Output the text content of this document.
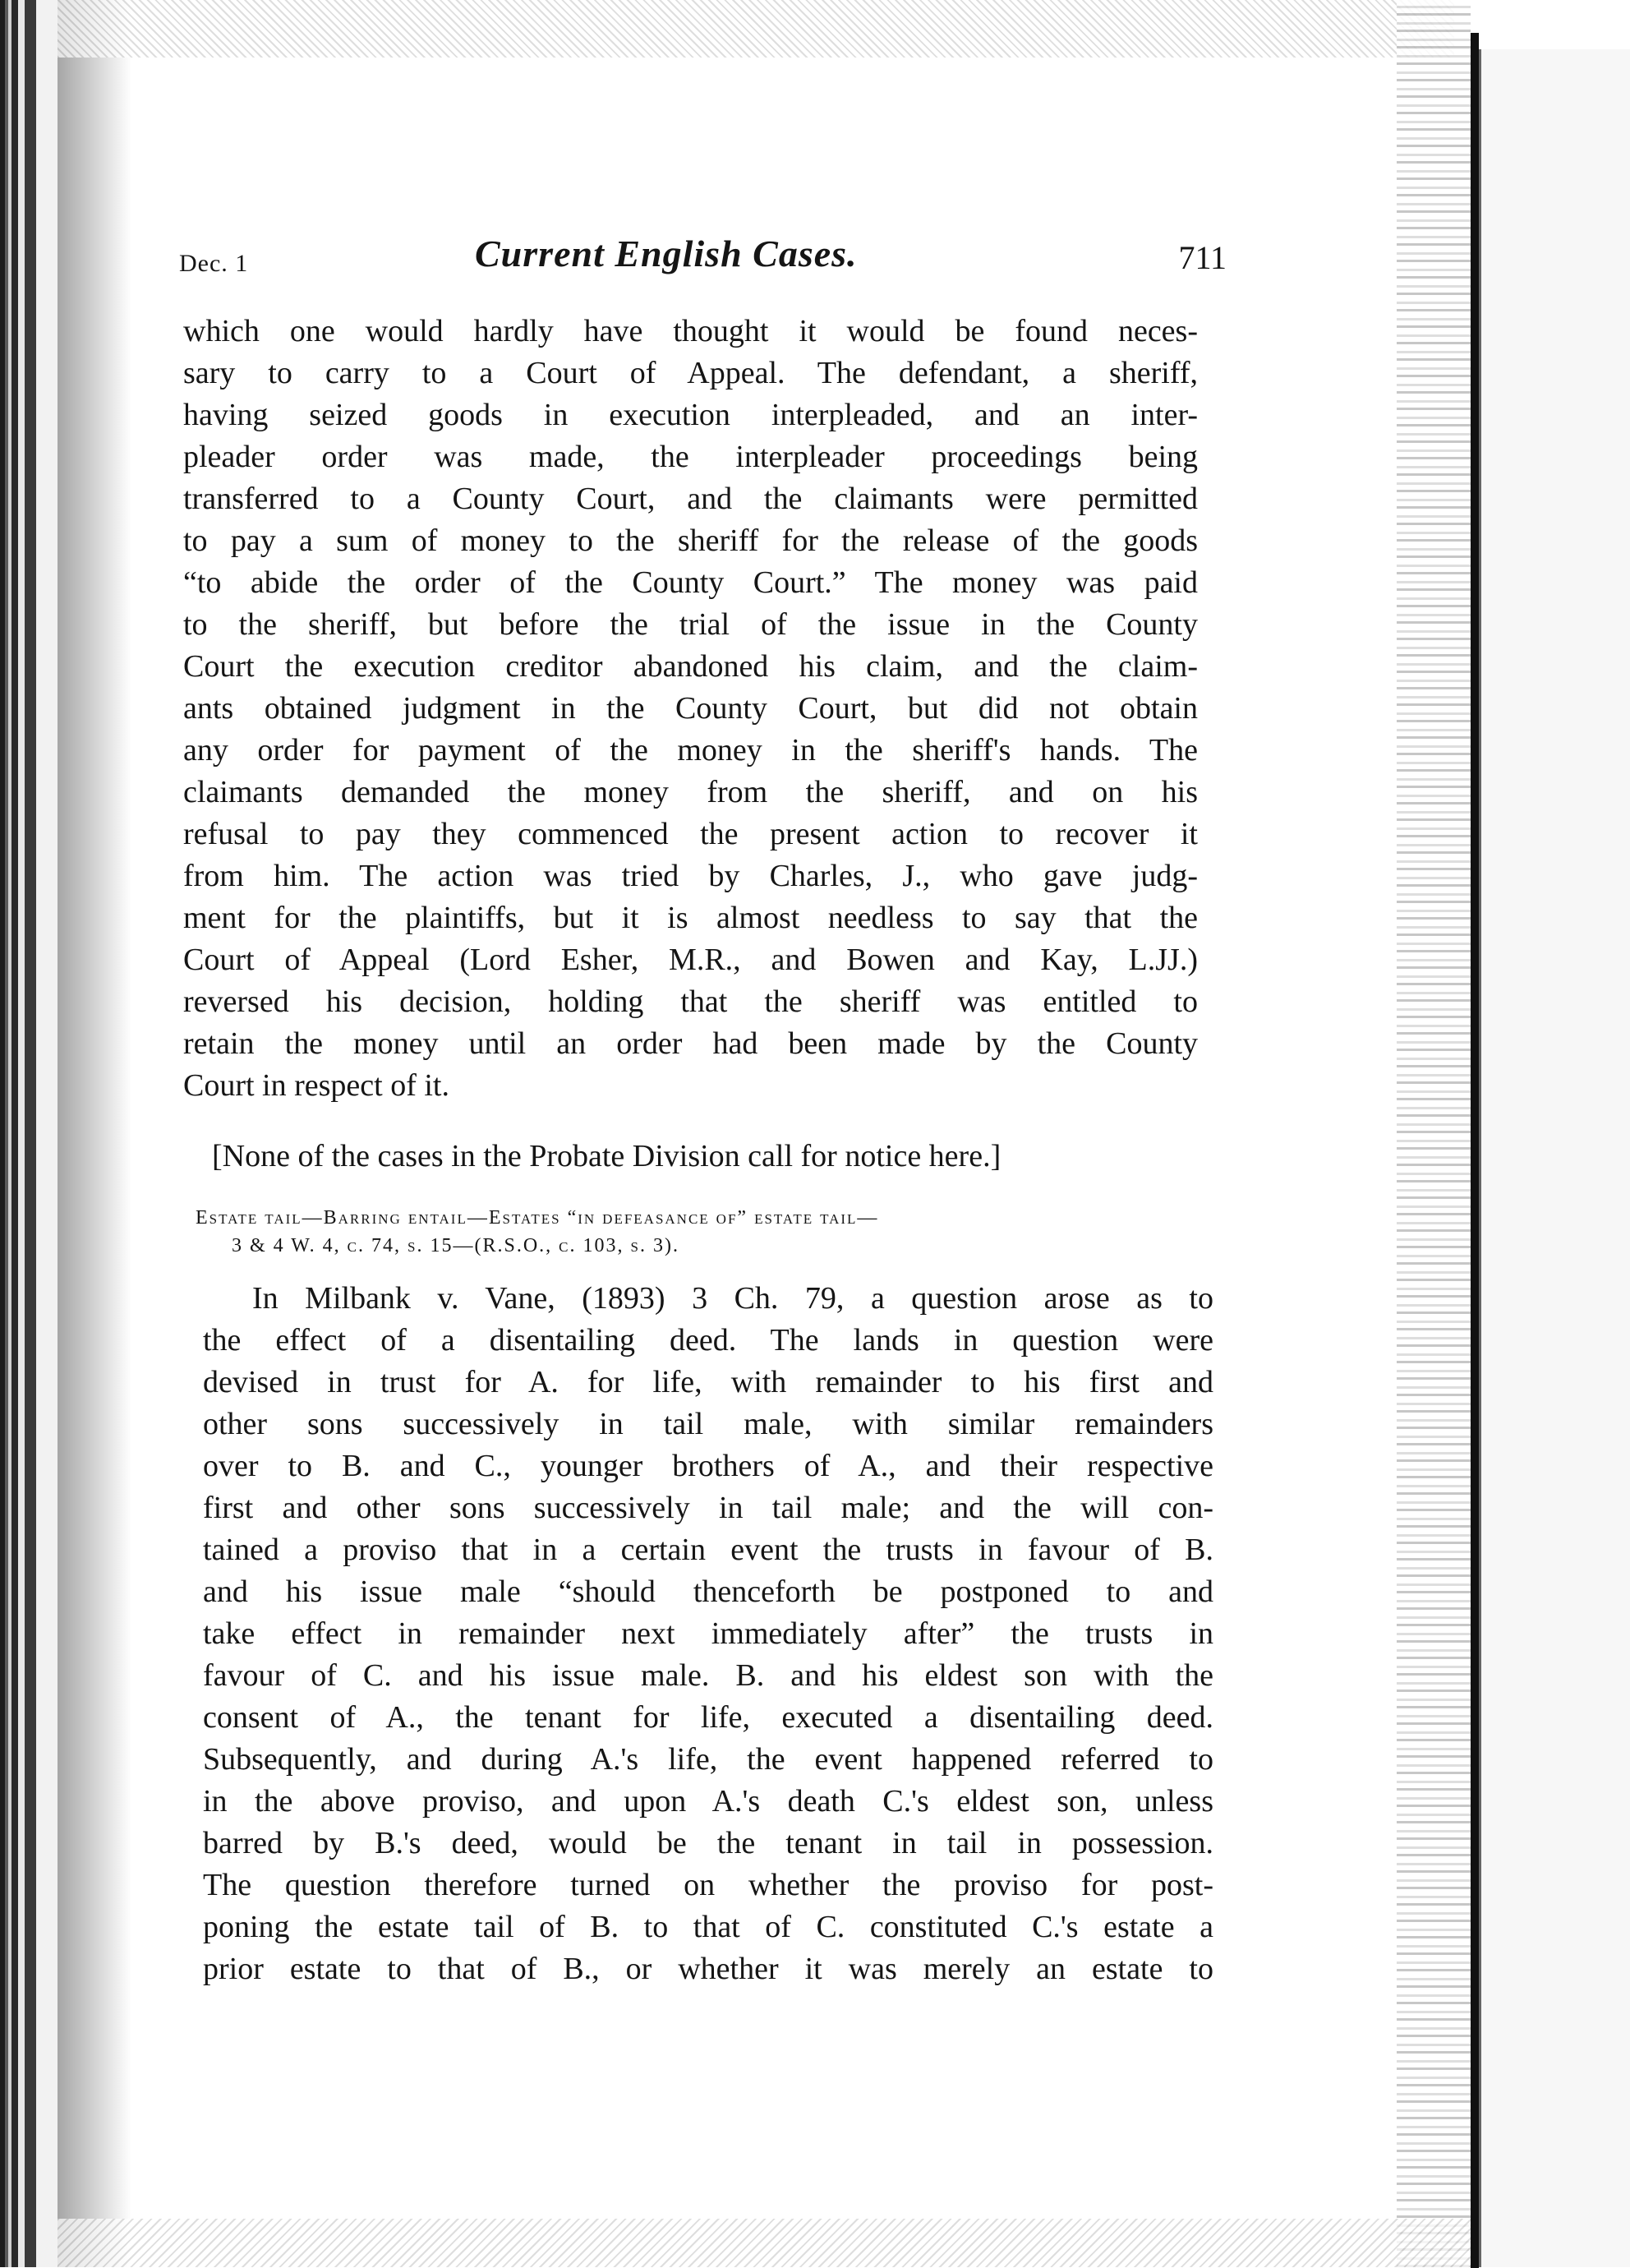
Dec. 1	Current English Cases.	711
which one would hardly have thought it would be found neces-
sary to carry to a Court of Appeal. The defendant, a sheriff,
having seized goods in execution interpleaded, and an inter-
pleader order was made, the interpleader proceedings being
transferred to a County Court, and the claimants were permitted
to pay a sum of money to the sheriff for the release of the goods
“to abide the order of the County Court.” The money was paid
to the sheriff, but before the trial of the issue in the County
Court the execution creditor abandoned his claim, and the claim-
ants obtained judgment in the County Court, but did not obtain
any order for payment of the money in the sheriff's hands. The
claimants demanded the money from the sheriff, and on his
refusal to pay they commenced the present action to recover it
from him. The action was tried by Charles, J., who gave judg-
ment for the plaintiffs, but it is almost needless to say that the
Court of Appeal (Lord Esher, M.R., and Bowen and Kay, L.JJ.)
reversed his decision, holding that the sheriff was entitled to
retain the money until an order had been made by the County
Court in respect of it.
[None of the cases in the Probate Division call for notice here.]
Estate tail—Barring entail—Estates “in defeasance of” estate tail—
3 & 4 W. 4, c. 74, s. 15—(R.S.O., c. 103, s. 3).
In Milbank v. Vane, (1893) 3 Ch. 79, a question arose as to
the effect of a disentailing deed. The lands in question were
devised in trust for A. for life, with remainder to his first and
other sons successively in tail male, with similar remainders
over to B. and C., younger brothers of A., and their respective
first and other sons successively in tail male; and the will con-
tained a proviso that in a certain event the trusts in favour of B.
and his issue male “should thenceforth be postponed to and
take effect in remainder next immediately after” the trusts in
favour of C. and his issue male. B. and his eldest son with the
consent of A., the tenant for life, executed a disentailing deed.
Subsequently, and during A.'s life, the event happened referred to
in the above proviso, and upon A.'s death C.'s eldest son, unless
barred by B.'s deed, would be the tenant in tail in possession.
The question therefore turned on whether the proviso for post-
poning the estate tail of B. to that of C. constituted C.'s estate a
prior estate to that of B., or whether it was merely an estate to
